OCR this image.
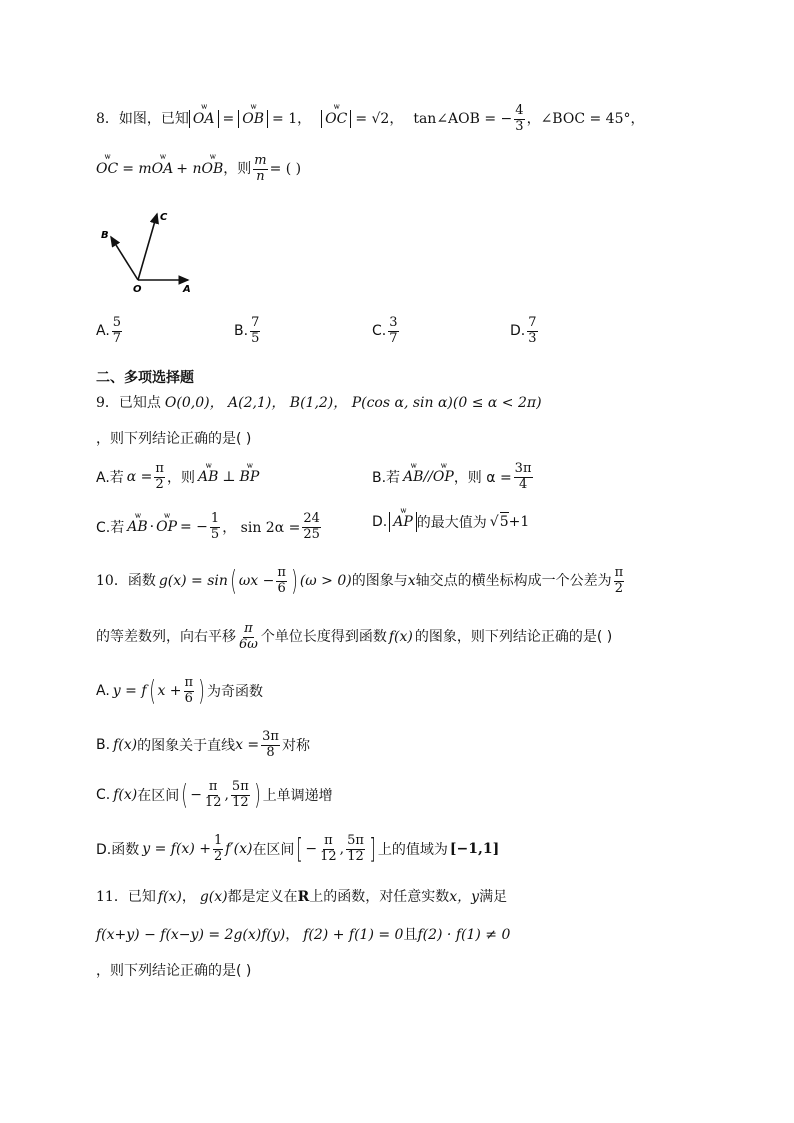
8． 如图，已知 ѡ OA = ѡ OB = 1， ѡ OC = √2， tan∠AOB = − $\frac{4}{3}$ ，∠BOC = 45°，
ѡ OC = m ѡ OA + n ѡ OB ，则 $\frac{m}{n}$ = ( )
B
C
O	A
A. $\frac{5}{7}$	B. $\frac{7}{5}$	C. $\frac{3}{7}$	D. $\frac{7}{3}$
二、多项选择题
9． 已知点 O(0,0)， A(2,1)， B(1,2)， P(cos α, sin α)(0 ≤ α < 2π)
，则下列结论正确的是( )
A.若 $\alpha = \frac{\pi}{2}$ ，则 ѡ AB ⊥ ѡ BP	B.若 ѡ AB // ѡ OP ，则 $\alpha = \frac{3\pi}{4}$
C.若 ѡ AB · ѡ OP = − $\frac{1}{5}$ ， $\sin 2\alpha = \frac{24}{25}$	D. ѡ AP 的最大值为 √5 +1
10． 函数 g(x) = sin ( $\omega x - \frac{\pi}{6}$ ) (ω > 0) 的图象与 x 轴交点的横坐标构成一个公差为 $\frac{\pi}{2}$
的等差数列，向右平移 $\frac{\pi}{6\omega}$ 个单位长度得到函数 f(x) 的图象，则下列结论正确的是( )
A. y = f ( $x + \frac{\pi}{6}$ ) 为奇函数
B. f(x) 的图象关于直线 $x = \frac{3\pi}{8}$ 对称
C. f(x) 在区间 ( − $\frac{\pi}{12}$ , $\frac{5\pi}{12}$ ) 上单调递增
D.函数 $y = f(x) + \frac{1}{2} f'(x)$ 在区间 [ − $\frac{\pi}{12}$ , $\frac{5\pi}{12}$ ] 上的值域为 [−1,1]
11． 已知 f(x) ， g(x) 都是定义在 R 上的函数，对任意实数 x，y 满足
f(x+y) − f(x−y) = 2g(x)f(y) ， f(2) + f(1) = 0 且 f(2) · f(1) ≠ 0
，则下列结论正确的是( )
